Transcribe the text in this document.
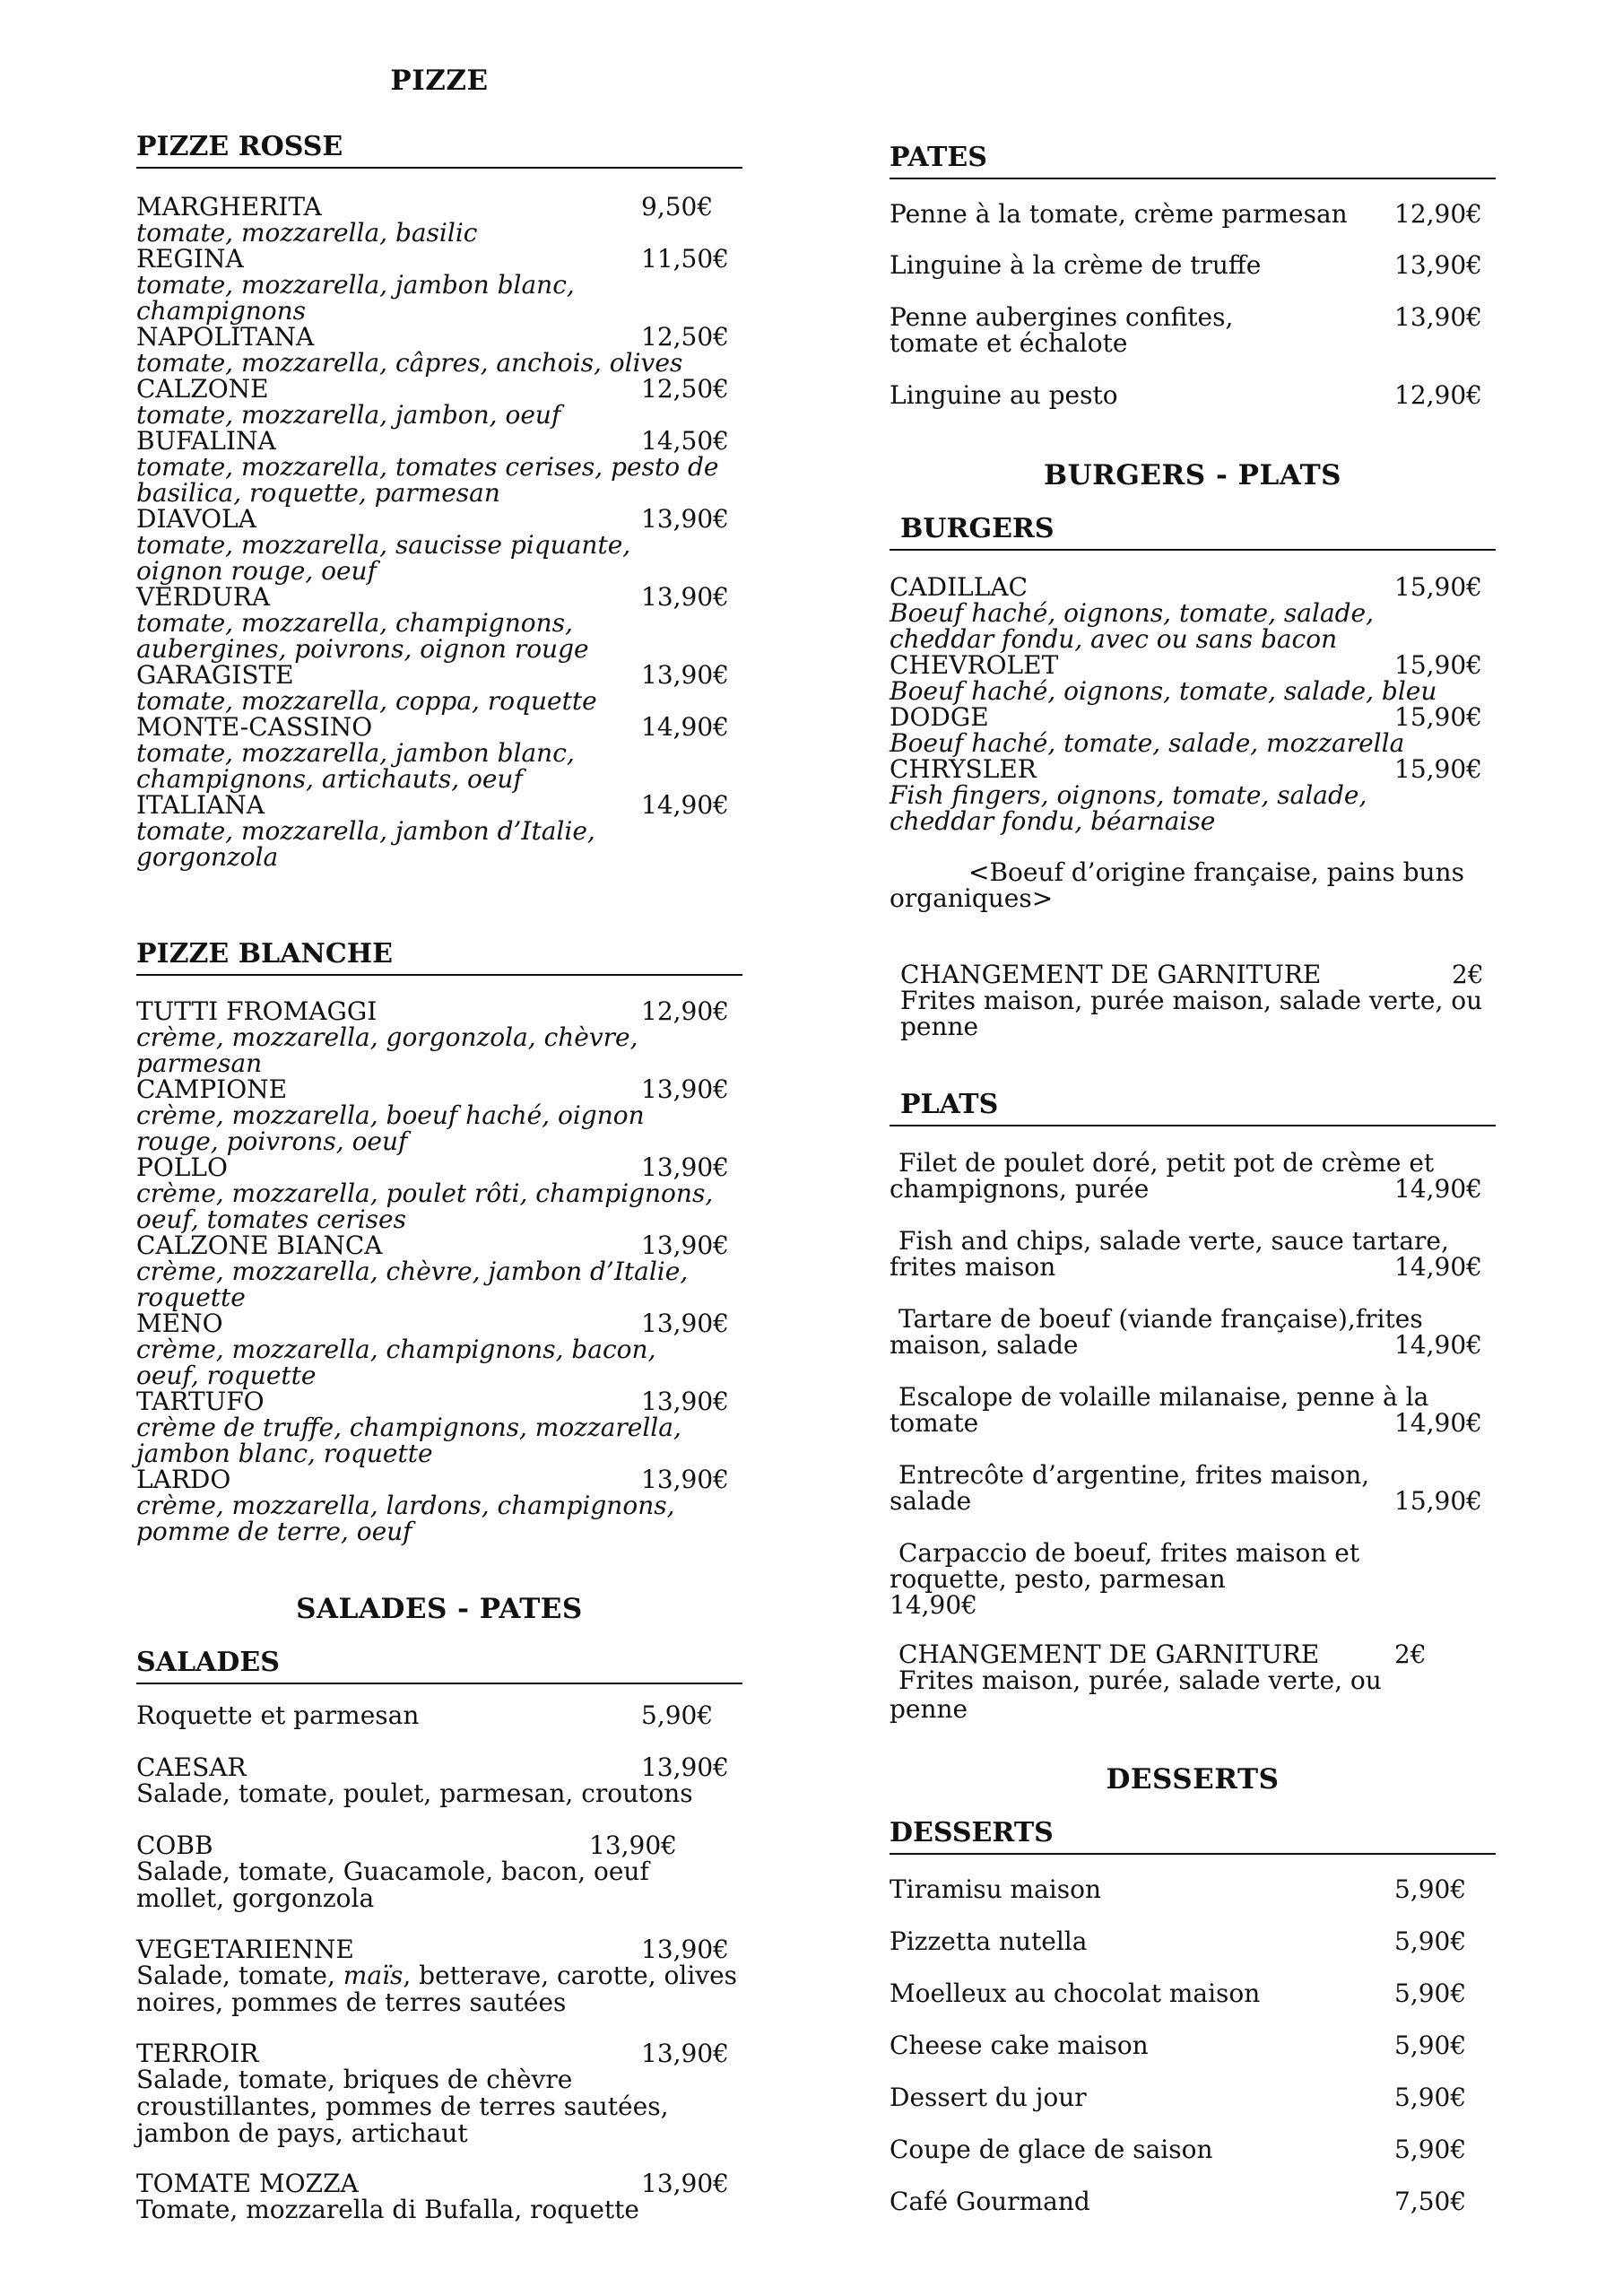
PIZZE
PIZZE ROSSE
MARGHERITA	9,50€
tomate, mozzarella, basilic
REGINA	11,50€
tomate, mozzarella, jambon blanc, champignons
NAPOLITANA	12,50€
tomate, mozzarella, câpres, anchois, olives
CALZONE	12,50€
tomate, mozzarella, jambon, oeuf
BUFALINA	14,50€
tomate, mozzarella, tomates cerises, pesto de basilica, roquette, parmesan
DIAVOLA	13,90€
tomate, mozzarella, saucisse piquante, oignon rouge, oeuf
VERDURA	13,90€
tomate, mozzarella, champignons, aubergines, poivrons, oignon rouge
GARAGISTE	13,90€
tomate, mozzarella, coppa, roquette
MONTE-CASSINO	14,90€
tomate, mozzarella, jambon blanc, champignons, artichauts, oeuf
ITALIANA	14,90€
tomate, mozzarella, jambon d’Italie, gorgonzola
PIZZE BLANCHE
TUTTI FROMAGGI	12,90€
crème, mozzarella, gorgonzola, chèvre, parmesan
CAMPIONE	13,90€
crème, mozzarella, boeuf haché, oignon rouge, poivrons, oeuf
POLLO	13,90€
crème, mozzarella, poulet rôti, champignons, oeuf, tomates cerises
CALZONE BIANCA	13,90€
crème, mozzarella, chèvre, jambon d’Italie, roquette
MENO	13,90€
crème, mozzarella, champignons, bacon, oeuf, roquette
TARTUFO	13,90€
crème de truffe, champignons, mozzarella, jambon blanc, roquette
LARDO	13,90€
crème, mozzarella, lardons, champignons, pomme de terre, oeuf
SALADES - PATES
SALADES
Roquette et parmesan	5,90€
CAESAR	13,90€
Salade, tomate, poulet, parmesan, croutons
COBB	13,90€
Salade, tomate, Guacamole, bacon, oeuf mollet, gorgonzola
VEGETARIENNE	13,90€
Salade, tomate, maïs, betterave, carotte, olives noires, pommes de terres sautées
TERROIR	13,90€
Salade, tomate, briques de chèvre croustillantes, pommes de terres sautées, jambon de pays, artichaut
TOMATE MOZZA	13,90€
Tomate, mozzarella di Bufalla, roquette
PATES
Penne à la tomate, crème parmesan 12,90€
Linguine à la crème de truffe	13,90€
Penne aubergines confites, tomate et échalote
13,90€
Linguine au pesto	12,90€
BURGERS - PLATS
BURGERS
CADILLAC	15,90€
Boeuf haché, oignons, tomate, salade, cheddar fondu, avec ou sans bacon
CHEVROLET	15,90€
Boeuf haché, oignons, tomate, salade, bleu
DODGE	15,90€
Boeuf haché, tomate, salade, mozzarella
CHRYSLER	15,90€
Fish fingers, oignons, tomate, salade, cheddar fondu, béarnaise
<Boeuf d’origine française, pains buns organiques>
CHANGEMENT DE GARNITURE	2€
Frites maison, purée maison, salade verte, ou penne
PLATS
Filet de poulet doré, petit pot de crème et champignons, purée	14,90€
Fish and chips, salade verte, sauce tartare, frites maison	14,90€
Tartare de boeuf (viande française),frites maison, salade	14,90€
Escalope de volaille milanaise, penne à la tomate	14,90€
Entrecôte d’argentine, frites maison, salade	15,90€
Carpaccio de boeuf, frites maison et roquette, pesto, parmesan
14,90€
CHANGEMENT DE GARNITURE	2€
Frites maison, purée, salade verte, ou penne
DESSERTS
DESSERTS
Tiramisu maison	5,90€
Pizzetta nutella	5,90€
Moelleux au chocolat maison	5,90€
Cheese cake maison	5,90€
Dessert du jour	5,90€
Coupe de glace de saison	5,90€
Café Gourmand	7,50€
